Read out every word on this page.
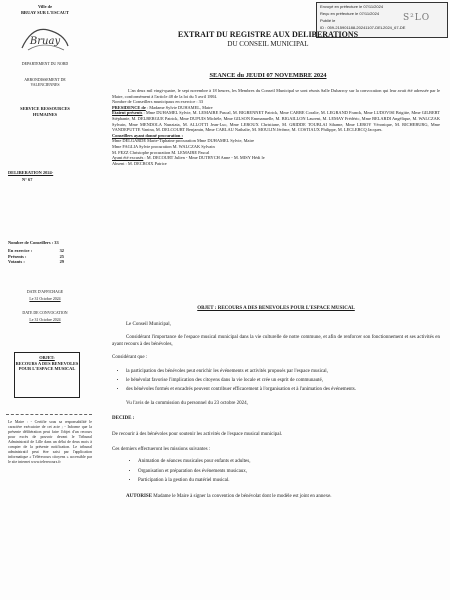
Envoyé en préfecture le 07/11/2024
Reçu en préfecture le 07/11/2024
Publié le
ID : 059-215901188-20241107-DEL2024_67-DE
S²LO
Ville de
BRUAY SUR L'ESCAUT
Bruay
DEPARTEMENT DU NORD
ARRONDISSEMENT DE VALENCIENNES
SERVICE RESSOURCES HUMAINES
DELIBERATION 2024-
N° 67
Nombre de Conseillers : 33
En exercice :	32
Présents :	25
Votants :	29
DATE D'AFFICHAGE
Le 31 Octobre 2024
DATE DE CONVOCATION
Le 31 Octobre 2024
OBJET:
RECOURS A DES BENEVOLES POUR L'ESPACE MUSICAL
Le Maire : - Certifie sous sa responsabilité le caractère exécutoire de cet acte ; - Informe que la présente délibération peut faire l'objet d'un recours pour excès de pouvoir devant le Tribunal Administratif de Lille dans un délai de deux mois à compter de la présente notification. Le tribunal administratif peut être saisi par l'application informatique « Télérecours citoyens » accessible par le site internet www.telerecours.fr
EXTRAIT DU REGISTRE AUX DELIBERATIONS
DU CONSEIL MUNICIPAL
SEANCE du JEUDI 07 NOVEMBRE 2024
L'an deux mil vingt-quatre, le sept novembre à 18 heures, les Membres du Conseil Municipal se sont réunis Salle Dubarroy sur la convocation qui leur avait été adressée par le Maire, conformément à l'article 48 de la loi du 5 avril 1884.
Nombre de Conseillers municipaux en exercice : 33
PRESIDENCE de : Madame Sylvie DUHAMEL, Maire
Etaient présents : Mme DUHAMEL Sylvie, M. LEMAIRE Pascal, M. BIGRENNET Patrick, Mme CARRE Coralie, M. LEGRAND Franck, Mme LUDOVISI Brigitte, Mme GILBERT Stéphanie, M. DELBERGUE Patrick, Mme DUPUIS Michèle, Mme GILSON Emmanuelle, M. BIGAILLON Laurent, M. LEMAY Frédéric, Mme BELARDI Angélique, M. WALCZAK Sylvain, Mme MENDOLA Nunziata, M. ALLOTTI Jean-Luc, Mme LEROUX Christiane, M. GRIDDE TOUBLAI Sihame, Mme LEROY Véronique, M. RICHEBURG, Mme VANDEPUTTE Vanina, M. DELCOURT Benjamin, Mme CARLAU Nathalie, M. MOULIN Jérôme, M. COSTIAUX Philippe, M. LECLERCQ Jacques.
Conseillers ayant donné procuration :
Mme DELGARDE Marie-Tiphaine procuration Mme DUHAMEL Sylvie, Maire
Mme FAGLIA Sylvie procuration M. WALCZAK Sylvain
M. FEZZ Christophe procuration M. LEMAIRE Pascal
Ayant été excusés : M. DECOURT Julien - Mme DUTRYCH Anne - M. MISY Hédi le
Absent : M. DECROIX Patrice
OBJET : RECOURS A DES BENEVOLES POUR L'ESPACE MUSICAL
Le Conseil Municipal,
Considérant l'importance de l'espace musical municipal dans la vie culturelle de notre commune, et afin de renforcer son fonctionnement et ses activités en ayant recours à des bénévoles,
Considérant que :
• la participation des bénévoles peut enrichir les événements et activités proposés par l'espace musical,
• le bénévolat favorise l'implication des citoyens dans la vie locale et crée un esprit de communauté,
• des bénévoles formés et encadrés peuvent contribuer efficacement à l'organisation et à l'animation des événements.
Vu l'avis de la commission du personnel du 23 octobre 2024,
DECIDE :
De recourir à des bénévoles pour soutenir les activités de l'espace musical municipal.
Ces derniers effectueront les missions suivantes :
• Animation de séances musicales pour enfants et adultes,
• Organisation et préparation des événements musicaux,
• Participation à la gestion du matériel musical.
AUTORISE Madame le Maire à signer la convention de bénévolat dont le modèle est joint en annexe.
